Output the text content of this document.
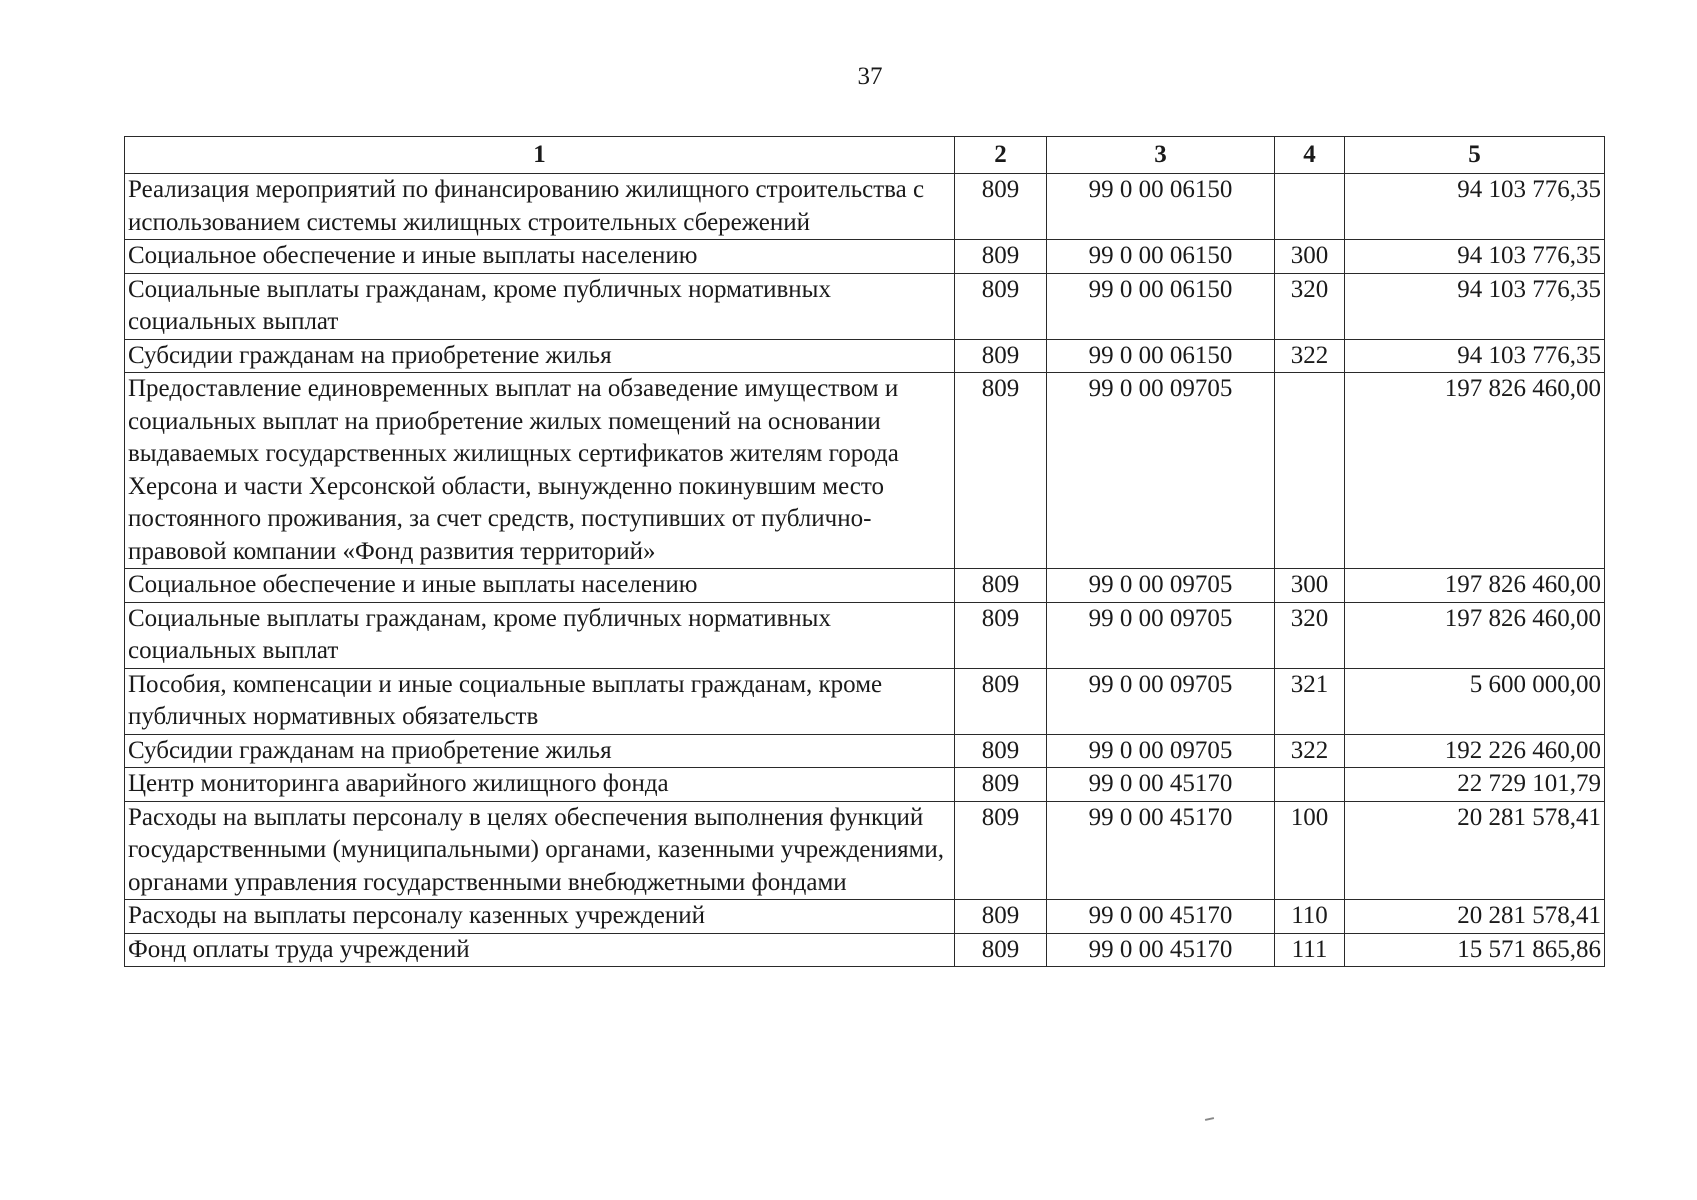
37
1	2	3	4	5
Реализация мероприятий по финансированию жилищного строительства с использованием системы жилищных строительных сбережений	809	99 0 00 06150		94 103 776,35
Социальное обеспечение и иные выплаты населению	809	99 0 00 06150	300	94 103 776,35
Социальные выплаты гражданам, кроме публичных нормативных социальных выплат	809	99 0 00 06150	320	94 103 776,35
Субсидии гражданам на приобретение жилья	809	99 0 00 06150	322	94 103 776,35
Предоставление единовременных выплат на обзаведение имуществом и социальных выплат на приобретение жилых помещений на основании выдаваемых государственных жилищных сертификатов жителям города Херсона и части Херсонской области, вынужденно покинувшим место постоянного проживания, за счет средств, поступивших от публично-правовой компании «Фонд развития территорий»	809	99 0 00 09705		197 826 460,00
Социальное обеспечение и иные выплаты населению	809	99 0 00 09705	300	197 826 460,00
Социальные выплаты гражданам, кроме публичных нормативных социальных выплат	809	99 0 00 09705	320	197 826 460,00
Пособия, компенсации и иные социальные выплаты гражданам, кроме публичных нормативных обязательств	809	99 0 00 09705	321	5 600 000,00
Субсидии гражданам на приобретение жилья	809	99 0 00 09705	322	192 226 460,00
Центр мониторинга аварийного жилищного фонда	809	99 0 00 45170		22 729 101,79
Расходы на выплаты персоналу в целях обеспечения выполнения функций государственными (муниципальными) органами, казенными учреждениями, органами управления государственными внебюджетными фондами	809	99 0 00 45170	100	20 281 578,41
Расходы на выплаты персоналу казенных учреждений	809	99 0 00 45170	110	20 281 578,41
Фонд оплаты труда учреждений	809	99 0 00 45170	111	15 571 865,86
